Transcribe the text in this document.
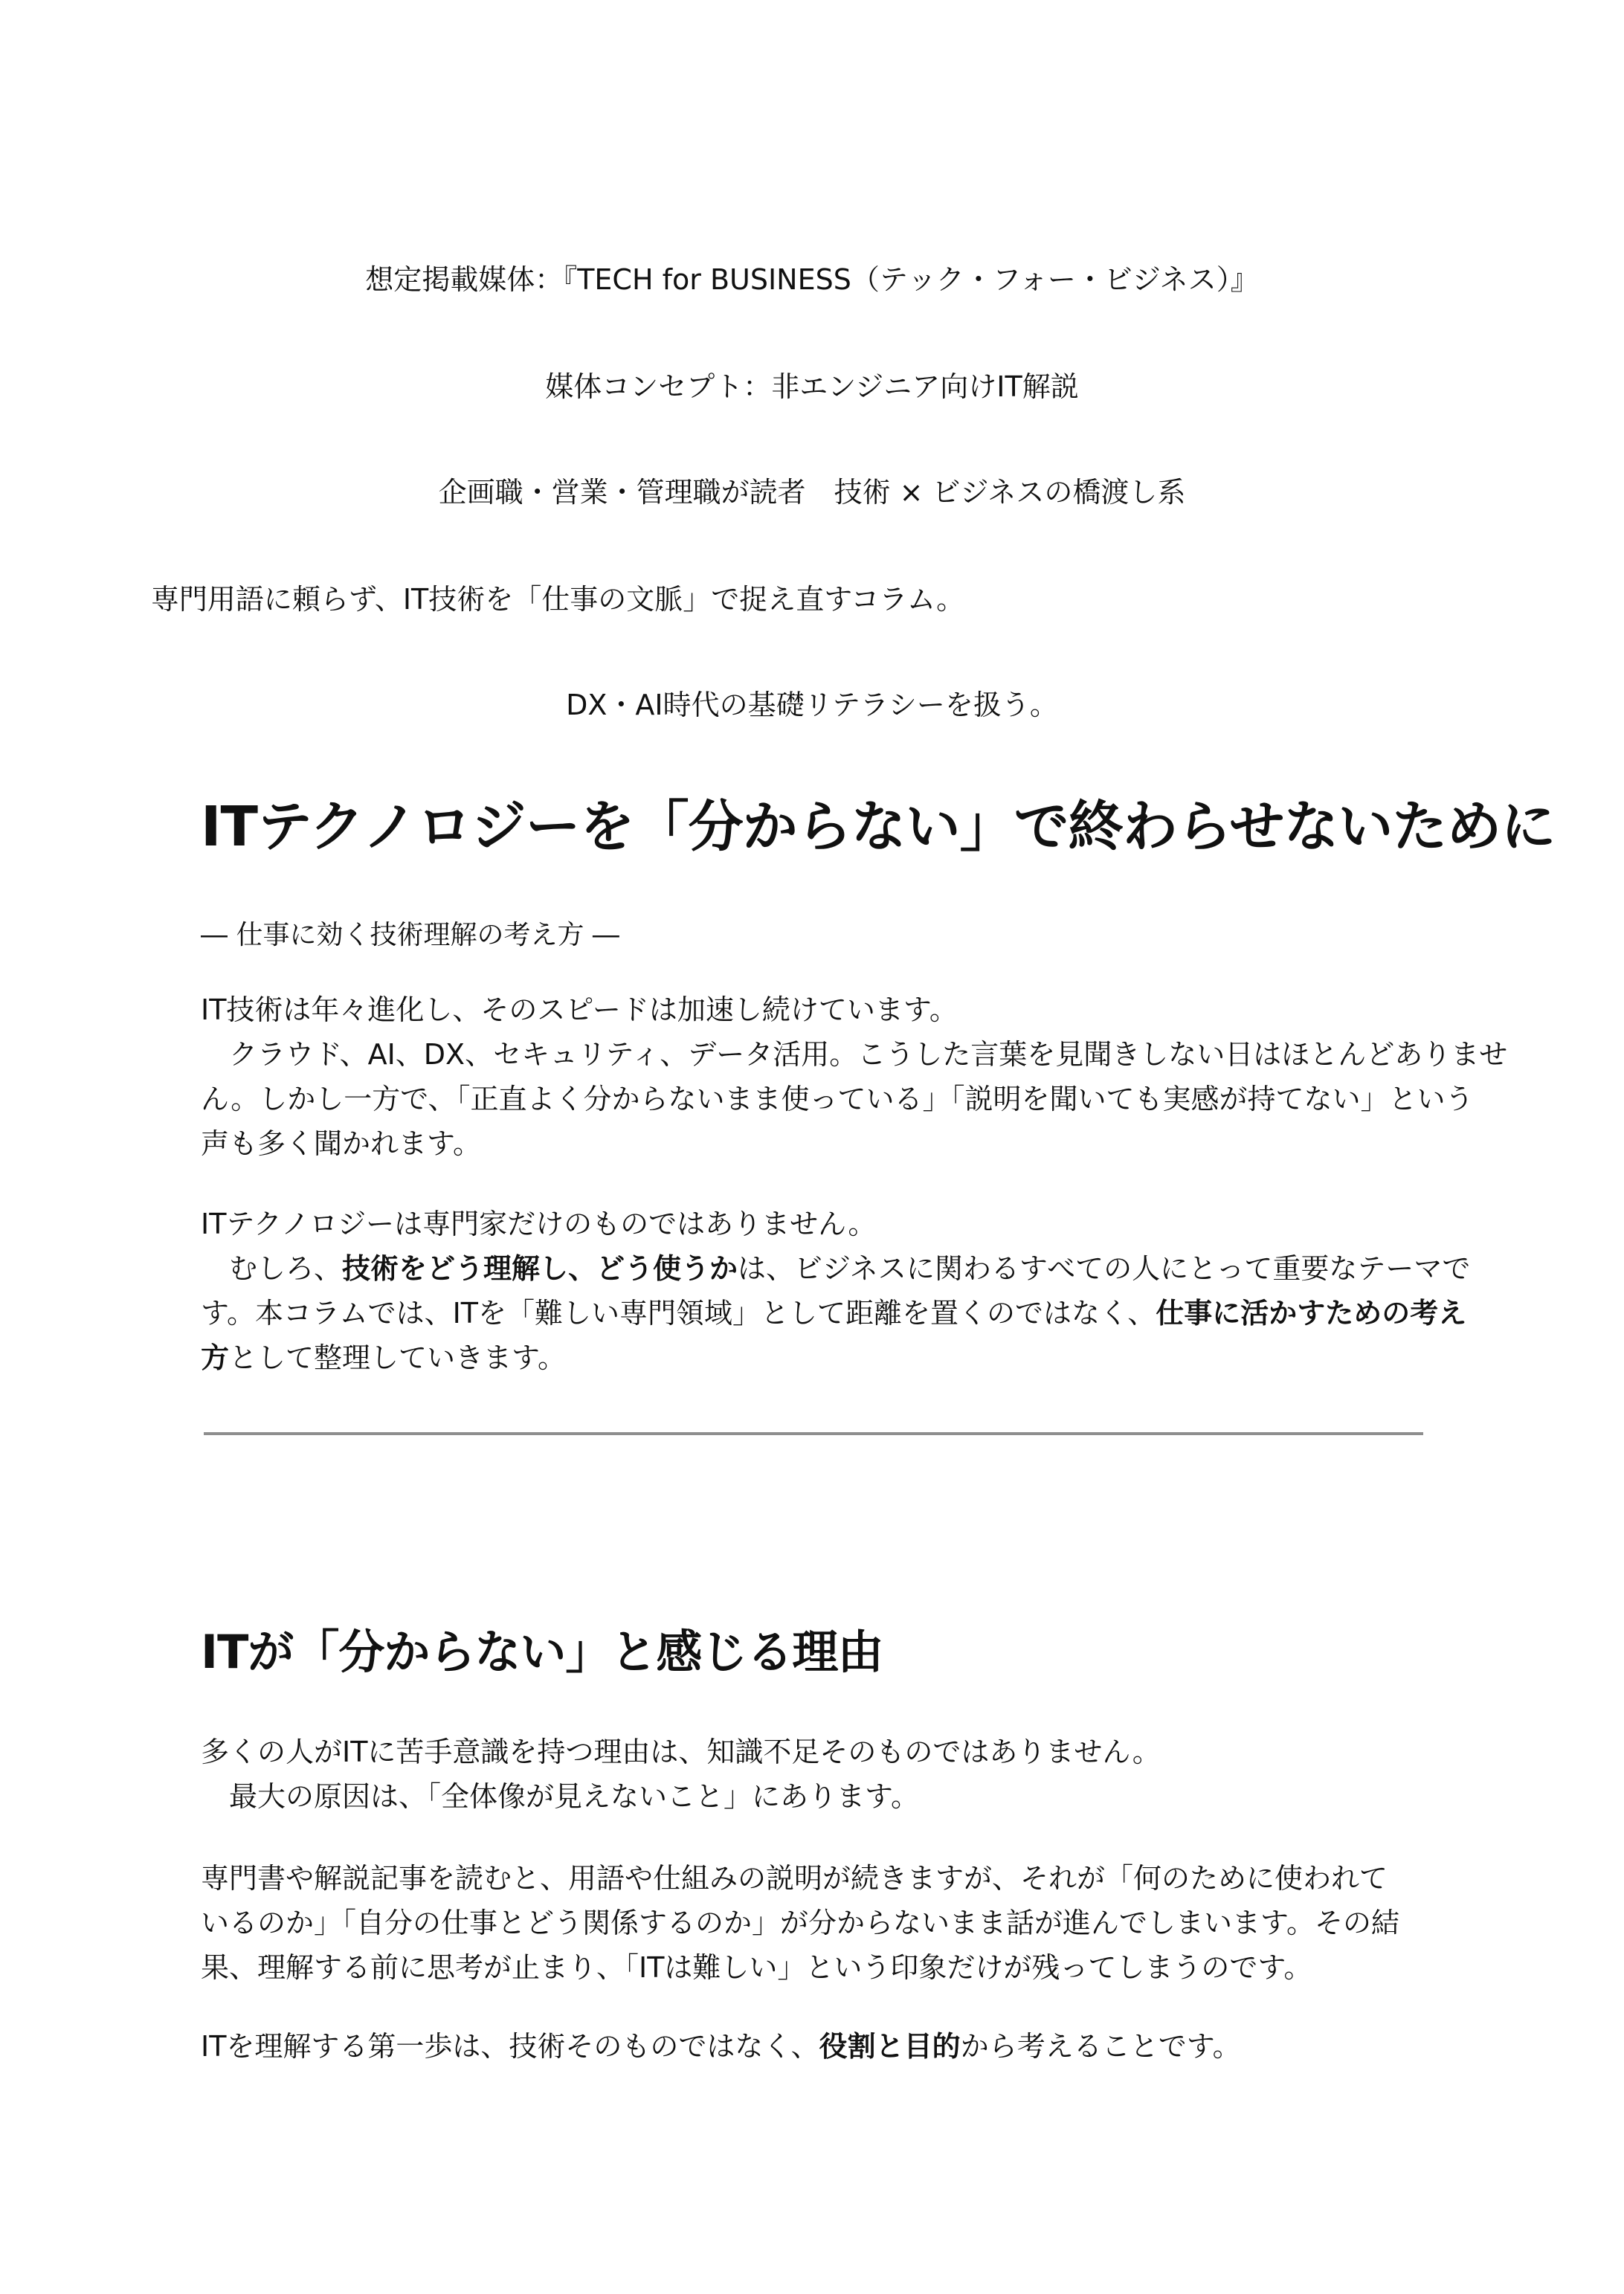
想定掲載媒体：『TECH for BUSINESS（テック・フォー・ビジネス）』
媒体コンセプト：非エンジニア向けIT解説
企画職・営業・管理職が読者　技術 × ビジネスの橋渡し系
専門用語に頼らず、IT技術を「仕事の文脈」で捉え直すコラム。
DX・AI時代の基礎リテラシーを扱う。
ITテクノロジーを「分からない」で終わらせないために
― 仕事に効く技術理解の考え方 ―

IT技術は年々進化し、そのスピードは加速し続けています。
　クラウド、AI、DX、セキュリティ、データ活用。こうした言葉を見聞きしない日はほとんどありませ
ん。しかし一方で、「正直よく分からないまま使っている」「説明を聞いても実感が持てない」という
声も多く聞かれます。

ITテクノロジーは専門家だけのものではありません。
　むしろ、技術をどう理解し、どう使うかは、ビジネスに関わるすべての人にとって重要なテーマで
す。本コラムでは、ITを「難しい専門領域」として距離を置くのではなく、仕事に活かすための考え
方として整理していきます。

ITが「分からない」と感じる理由

多くの人がITに苦手意識を持つ理由は、知識不足そのものではありません。
　最大の原因は、「全体像が見えないこと」にあります。

専門書や解説記事を読むと、用語や仕組みの説明が続きますが、それが「何のために使われて
いるのか」「自分の仕事とどう関係するのか」が分からないまま話が進んでしまいます。その結
果、理解する前に思考が止まり、「ITは難しい」という印象だけが残ってしまうのです。

ITを理解する第一歩は、技術そのものではなく、役割と目的から考えることです。
